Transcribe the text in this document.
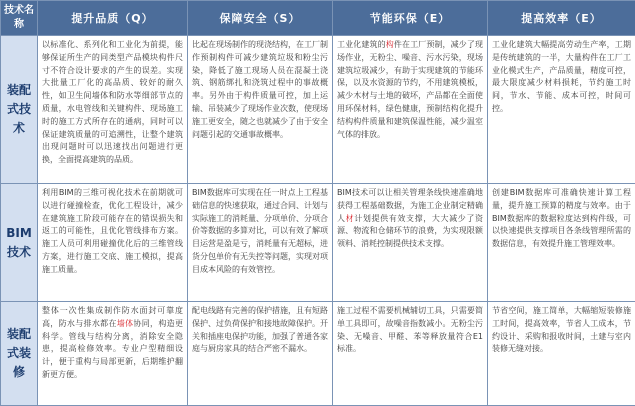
技术名称	提升品质（Q）	保障安全（S）	节能环保（E）	提高效率（E）
装配式技术	以标准化、系列化和工业化为前提，能够保证所生产的同类型产品模块构件尺寸不符合设计要求的产生的误差。实现大批量工厂化的高品质、较好的耐久性，如卫生间墙体和防水等细部节点的质量，水电管线和关键构件、现场施工时的施工方式所存在的通病，同时可以保证建筑质量的可追溯性，让整个建筑出现问题时可以迅速找出问题进行更换，全面提高建筑的品质。	比起在现场制作的现浇结构，在工厂制作预制构件可减少建筑垃圾和粉尘污染，降低了施工现场人员在混凝土浇筑、钢筋绑扎和浇筑过程中的事故概率。另外由于构件质量可控，加上运输、吊装减少了现场作业次数，使现场施工更安全，随之也就减少了由于安全问题引起的交通事故概率。	工业化建筑的构件在工厂预制，减少了现场作业，无粉尘、噪音、污水污染，现场建筑垃圾减少，有助于实现建筑的节能环保，以及水资源的节约，不用建筑模板，减少木材与土地的破坏，产品都在全面使用环保材料，绿色健康，预制结构化提升结构构件质量和建筑保温性能，减少温室气体的排放。	工业化建筑大幅提高劳动生产率，工期是传统建筑的一半，大量构件在工厂工业化模式生产，产品质量，精度可控，最大限度减少材料损耗，节约施工时间，节水、节能、成本可控，时间可控。
BIM技术	利用BIM的三维可视化技术在前期就可以进行碰撞检查，优化工程设计，减少在建筑施工阶段可能存在的错误损失和返工的可能性，且优化管线排布方案。施工人员可利用碰撞优化后的三维管线方案，进行施工交底、施工模拟，提高施工质量。	BIM数据库可实现在任一时点上工程基础信息的快速获取，通过合同、计划与实际施工的消耗量、分项单价、分项合价等数据的多算对比，可以有效了解项目运营是盈是亏，消耗量有无超标，进货分包单价有无失控等问题，实现对项目成本风险的有效管控。	BIM技术可以让相关管理条线快速准确地获得工程基础数据，为施工企业制定精确人材计划提供有效支撑，大大减少了资源、物流和仓储环节的浪费，为实现限额领料、消耗控制提供技术支撑。	创建BIM数据库可准确快速计算工程量，提升施工预算的精度与效率。由于BIM数据库的数据粒度达到构件级，可以快速提供支撑项目各条线管理所需的数据信息，有效提升施工管理效率。
装配式装修	整体一次性集成制作防水面封可靠度高，防水与排水都在墙体协同，构造更科学。管线与结构分离，消除安全隐患，提高检修效率。专业户型精细设计，便于重构与局部更新，后期维护翻新更方便。	配电线路有完善的保护措施，且有短路保护、过负荷保护和接地故障保护。开关和插座电保护功能，加强了普通各家庭与厨房家具的结合严密不漏水。	施工过程不需要机械辅切工具，只需要简单工具即可，故噪音指数减小。无粉尘污染、无噪音、甲醛、苯等释放量符合E1标准。	节省空间，施工简单，大幅缩短装修施工时间，提高效率，节省人工成本，节约设计、采购和报收时间，土建与室内装修无缝对接。
